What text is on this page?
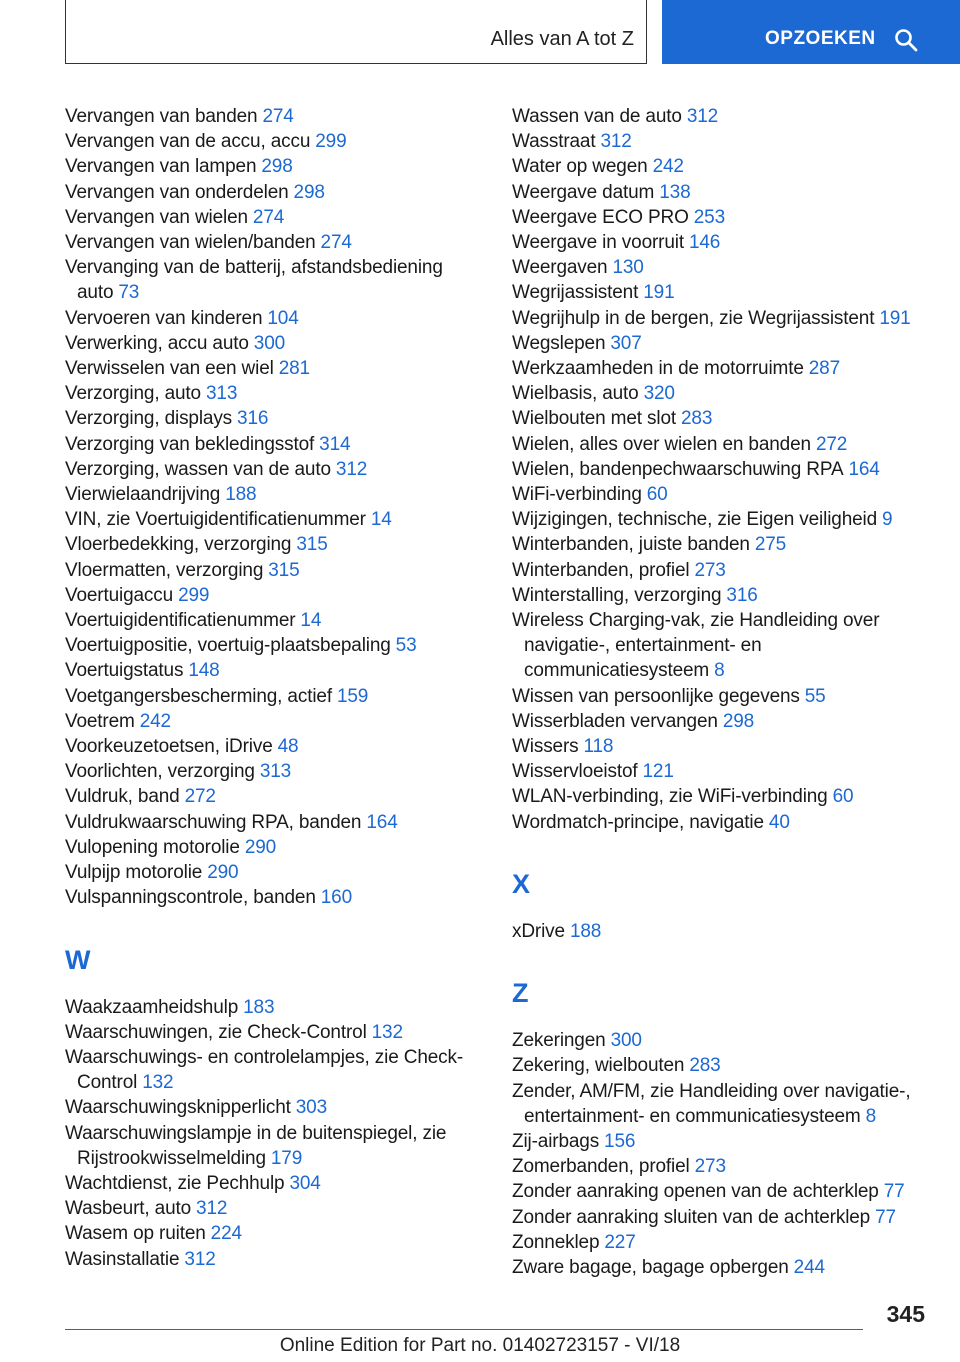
Alles van A tot Z	OPZOEKEN
Vervangen van banden 274
Vervangen van de accu, accu 299
Vervangen van lampen 298
Vervangen van onderdelen 298
Vervangen van wielen 274
Vervangen van wielen/banden 274
Vervanging van de batterij, afstandsbediening auto 73
Vervoeren van kinderen 104
Verwerking, accu auto 300
Verwisselen van een wiel 281
Verzorging, auto 313
Verzorging, displays 316
Verzorging van bekledingsstof 314
Verzorging, wassen van de auto 312
Vierwielaandrijving 188
VIN, zie Voertuigidentificatienummer 14
Vloerbedekking, verzorging 315
Vloermatten, verzorging 315
Voertuigaccu 299
Voertuigidentificatienummer 14
Voertuigpositie, voertuig-plaatsbepaling 53
Voertuigstatus 148
Voetgangersbescherming, actief 159
Voetrem 242
Voorkeuzetoetsen, iDrive 48
Voorlichten, verzorging 313
Vuldruk, band 272
Vuldrukwaarschuwing RPA, banden 164
Vulopening motorolie 290
Vulpijp motorolie 290
Vulspanningscontrole, banden 160
W
Waakzaamheidshulp 183
Waarschuwingen, zie Check-Control 132
Waarschuwings- en controlelampjes, zie Check-Control 132
Waarschuwingsknipperlicht 303
Waarschuwingslampje in de buitenspiegel, zie Rijstrookwisselmelding 179
Wachtdienst, zie Pechhulp 304
Wasbeurt, auto 312
Wasem op ruiten 224
Wasinstallatie 312
Wassen van de auto 312
Wasstraat 312
Water op wegen 242
Weergave datum 138
Weergave ECO PRO 253
Weergave in voorruit 146
Weergaven 130
Wegrijassistent 191
Wegrijhulp in de bergen, zie Wegrijassistent 191
Wegslepen 307
Werkzaamheden in de motorruimte 287
Wielbasis, auto 320
Wielbouten met slot 283
Wielen, alles over wielen en banden 272
Wielen, bandenpechwaarschuwing RPA 164
WiFi-verbinding 60
Wijzigingen, technische, zie Eigen veiligheid 9
Winterbanden, juiste banden 275
Winterbanden, profiel 273
Winterstalling, verzorging 316
Wireless Charging-vak, zie Handleiding over navigatie-, entertainment- en communicatiesysteem 8
Wissen van persoonlijke gegevens 55
Wisserbladen vervangen 298
Wissers 118
Wisservloeistof 121
WLAN-verbinding, zie WiFi-verbinding 60
Wordmatch-principe, navigatie 40
X
xDrive 188
Z
Zekeringen 300
Zekering, wielbouten 283
Zender, AM/FM, zie Handleiding over navigatie-, entertainment- en communicatiesysteem 8
Zij-airbags 156
Zomerbanden, profiel 273
Zonder aanraking openen van de achterklep 77
Zonder aanraking sluiten van de achterklep 77
Zonneklep 227
Zware bagage, bagage opbergen 244
345
Online Edition for Part no. 01402723157 - VI/18
